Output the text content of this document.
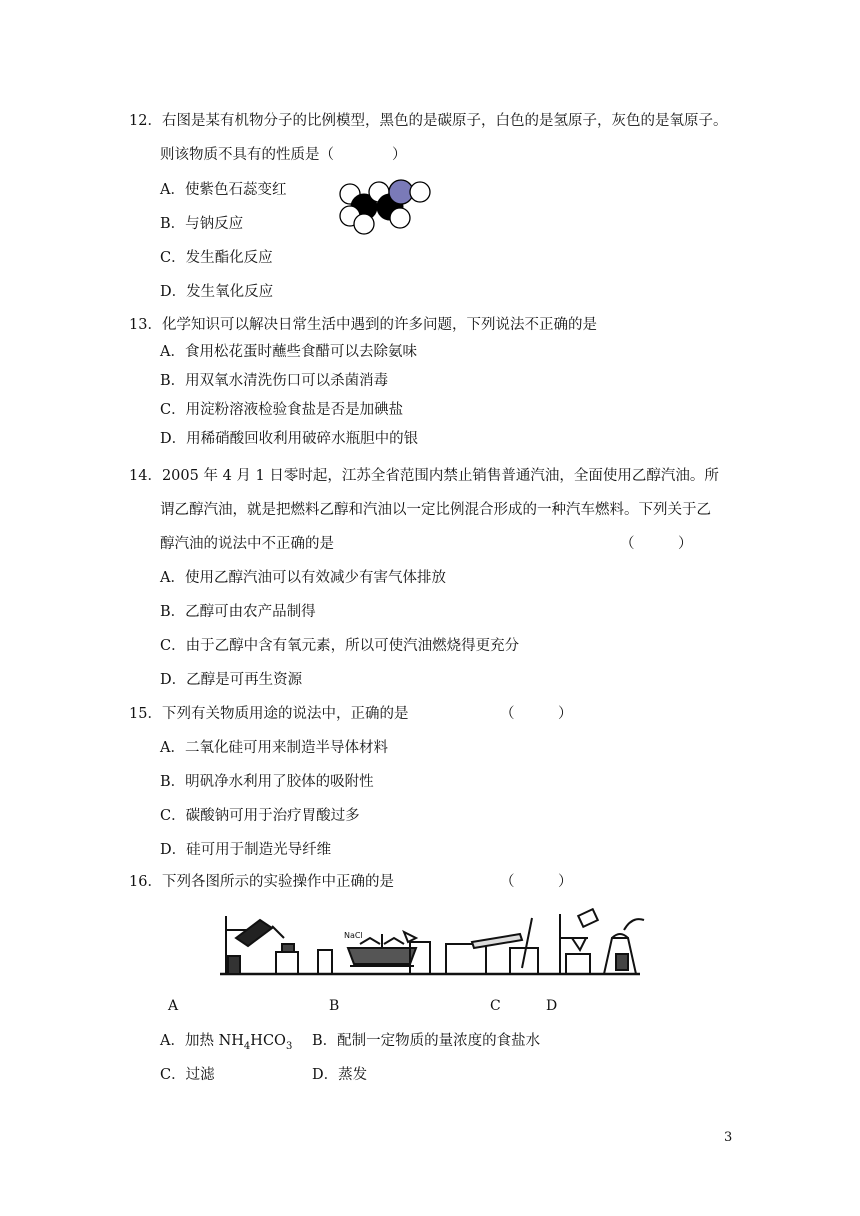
12．右图是某有机物分子的比例模型，黑色的是碳原子，白色的是氢原子，灰色的是氧原子。
则该物质不具有的性质是（　　　　）
A．使紫色石蕊变红
B．与钠反应
C．发生酯化反应
D．发生氧化反应
13．化学知识可以解决日常生活中遇到的许多问题，下列说法不正确的是
A．食用松花蛋时蘸些食醋可以去除氨味
B．用双氧水清洗伤口可以杀菌消毒
C．用淀粉溶液检验食盐是否是加碘盐
D．用稀硝酸回收利用破碎水瓶胆中的银
14．2005 年 4 月 1 日零时起，江苏全省范围内禁止销售普通汽油，全面使用乙醇汽油。所
谓乙醇汽油，就是把燃料乙醇和汽油以一定比例混合形成的一种汽车燃料。下列关于乙
醇汽油的说法中不正确的是	（　　　）
A．使用乙醇汽油可以有效减少有害气体排放
B．乙醇可由农产品制得
C．由于乙醇中含有氧元素，所以可使汽油燃烧得更充分
D．乙醇是可再生资源
15．下列有关物质用途的说法中，正确的是	（　　　）
A．二氧化硅可用来制造半导体材料
B．明矾净水利用了胶体的吸附性
C．碳酸钠可用于治疗胃酸过多
D．硅可用于制造光导纤维
16．下列各图所示的实验操作中正确的是	（　　　）
NaCl
A	B	C	D
A．加热 $NH_4HCO_3$ B．配制一定物质的量浓度的食盐水
C．过滤	D．蒸发
3
